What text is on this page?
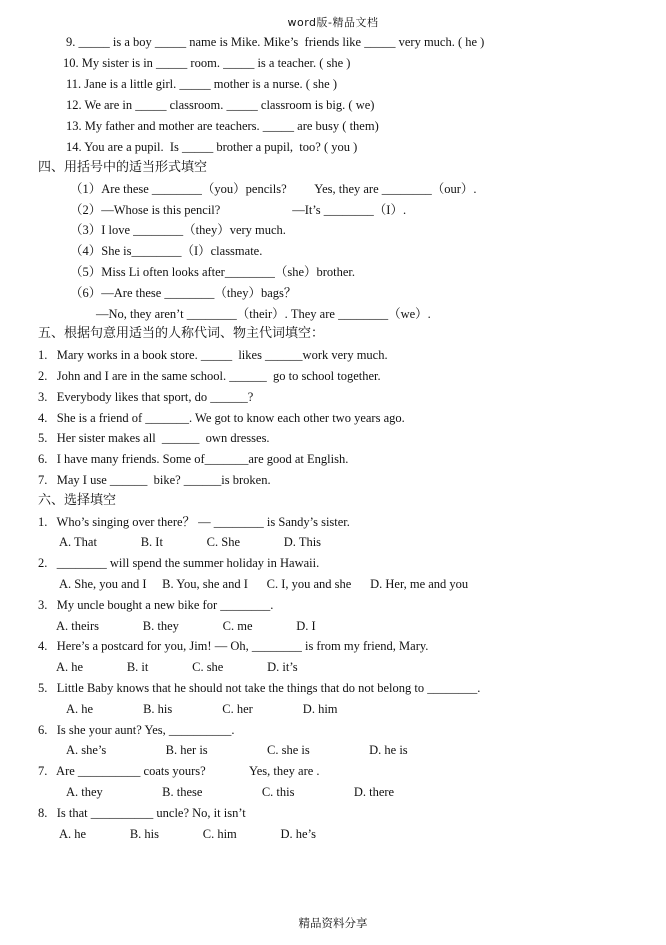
word版-精品文档
9. _____ is a boy _____ name is Mike. Mike’s  friends like _____ very much. ( he )
10. My sister is in _____ room. _____ is a teacher. ( she )
11. Jane is a little girl. _____ mother is a nurse. ( she )
12. We are in _____ classroom. _____ classroom is big. ( we)
13. My father and mother are teachers. _____ are busy ( them)
14. You are a pupil.  Is _____ brother a pupil,  too? ( you )
四、用括号中的适当形式填空
（1）Are these ________（you）pencils?         Yes, they are ________（our）.
（2）—Whose is this pencil?                       —It’s ________（I）.
（3）I love ________（they）very much.
（4）She is________（I）classmate.
（5）Miss Li often looks after________（she）brother.
（6）—Are these ________（they）bags？
—No, they aren’t ________（their）. They are ________（we）.
五、根据句意用适当的人称代词、物主代词填空：
1.   Mary works in a book store. _____  likes ______work very much.
2.   John and I are in the same school. ______  go to school together.
3.   Everybody likes that sport, do ______?
4.   She is a friend of _______. We got to know each other two years ago.
5.   Her sister makes all  ______  own dresses.
6.   I have many friends. Some of_______are good at English.
7.   May I use ______  bike? ______is broken.
六、选择填空
1.   Who’s singing over there？ — ________ is Sandy’s sister.
A. That              B. It              C. She              D. This
2.   ________ will spend the summer holiday in Hawaii.
A. She, you and I     B. You, she and I      C. I, you and she      D. Her, me and you
3.   My uncle bought a new bike for ________.
A. theirs              B. they              C. me              D. I
4.   Here’s a postcard for you, Jim! — Oh, ________ is from my friend, Mary.
A. he              B. it              C. she              D. it’s
5.   Little Baby knows that he should not take the things that do not belong to ________.
A. he                B. his                C. her                D. him
6.   Is she your aunt? Yes, __________.
A. she’s                   B. her is                   C. she is                   D. he is
7.   Are __________ coats yours?              Yes, they are .
A. they                   B. these                   C. this                   D. there
8.   Is that __________ uncle? No, it isn’t
A. he              B. his              C. him              D. he’s
精品资料分享
